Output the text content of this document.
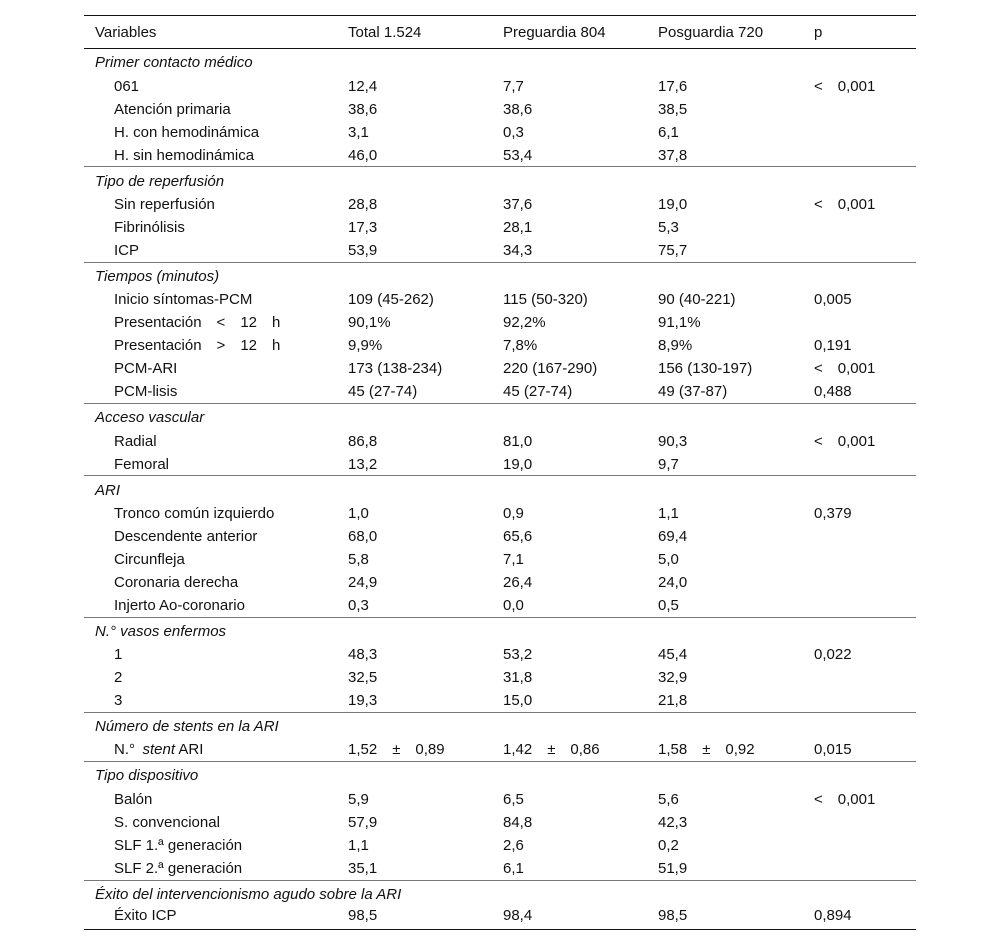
Variables	Total 1.524	Preguardia 804	Posguardia 720	p
Primer contacto médico				
061	12,4	7,7	17,6	< 0,001
Atención primaria	38,6	38,6	38,5	
H. con hemodinámica	3,1	0,3	6,1	
H. sin hemodinámica	46,0	53,4	37,8	
Tipo de reperfusión				
Sin reperfusión	28,8	37,6	19,0	< 0,001
Fibrinólisis	17,3	28,1	5,3	
ICP	53,9	34,3	75,7	
Tiempos (minutos)				
Inicio síntomas-PCM	109 (45-262)	115 (50-320)	90 (40-221)	0,005
Presentación < 12 h	90,1%	92,2%	91,1%	
Presentación > 12 h	9,9%	7,8%	8,9%	0,191
PCM-ARI	173 (138-234)	220 (167-290)	156 (130-197)	< 0,001
PCM-lisis	45 (27-74)	45 (27-74)	49 (37-87)	0,488
Acceso vascular				
Radial	86,8	81,0	90,3	< 0,001
Femoral	13,2	19,0	9,7	
ARI				
Tronco común izquierdo	1,0	0,9	1,1	0,379
Descendente anterior	68,0	65,6	69,4	
Circunfleja	5,8	7,1	5,0	
Coronaria derecha	24,9	26,4	24,0	
Injerto Ao-coronario	0,3	0,0	0,5	
N.° vasos enfermos				
1	48,3	53,2	45,4	0,022
2	32,5	31,8	32,9	
3	19,3	15,0	21,8	
Número de stents en la ARI				
N.° stent ARI	1,52 ± 0,89	1,42 ± 0,86	1,58 ± 0,92	0,015
Tipo dispositivo				
Balón	5,9	6,5	5,6	< 0,001
S. convencional	57,9	84,8	42,3	
SLF 1.ª generación	1,1	2,6	0,2	
SLF 2.ª generación	35,1	6,1	51,9	
Éxito del intervencionismo agudo sobre la ARI				
Éxito ICP	98,5	98,4	98,5	0,894
